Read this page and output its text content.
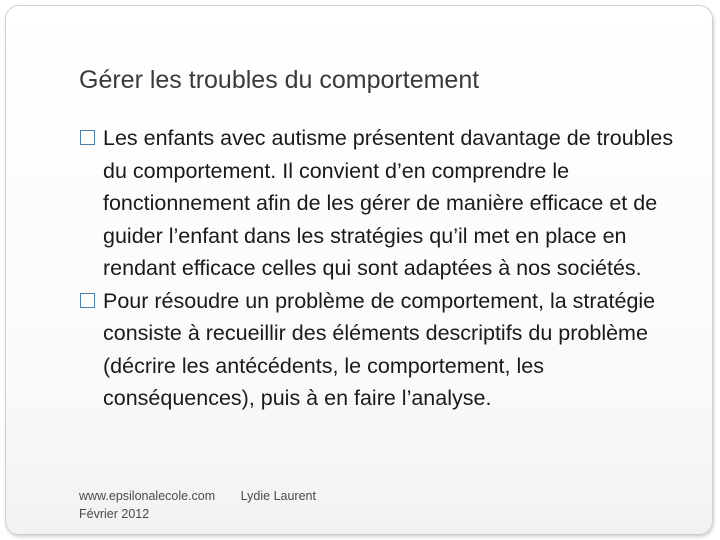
Gérer les troubles du comportement

Les enfants avec autisme présentent davantage de troubles du comportement. Il convient d’en comprendre le fonctionnement afin de les gérer de manière efficace et de guider l’enfant dans les stratégies qu’il met en place en rendant efficace celles qui sont adaptées à nos sociétés.

Pour résoudre un problème de comportement, la stratégie consiste à recueillir des éléments descriptifs du problème (décrire les antécédents, le comportement, les conséquences), puis à en faire l’analyse.

www.epsilonalecole.com Lydie Laurent
Février 2012
